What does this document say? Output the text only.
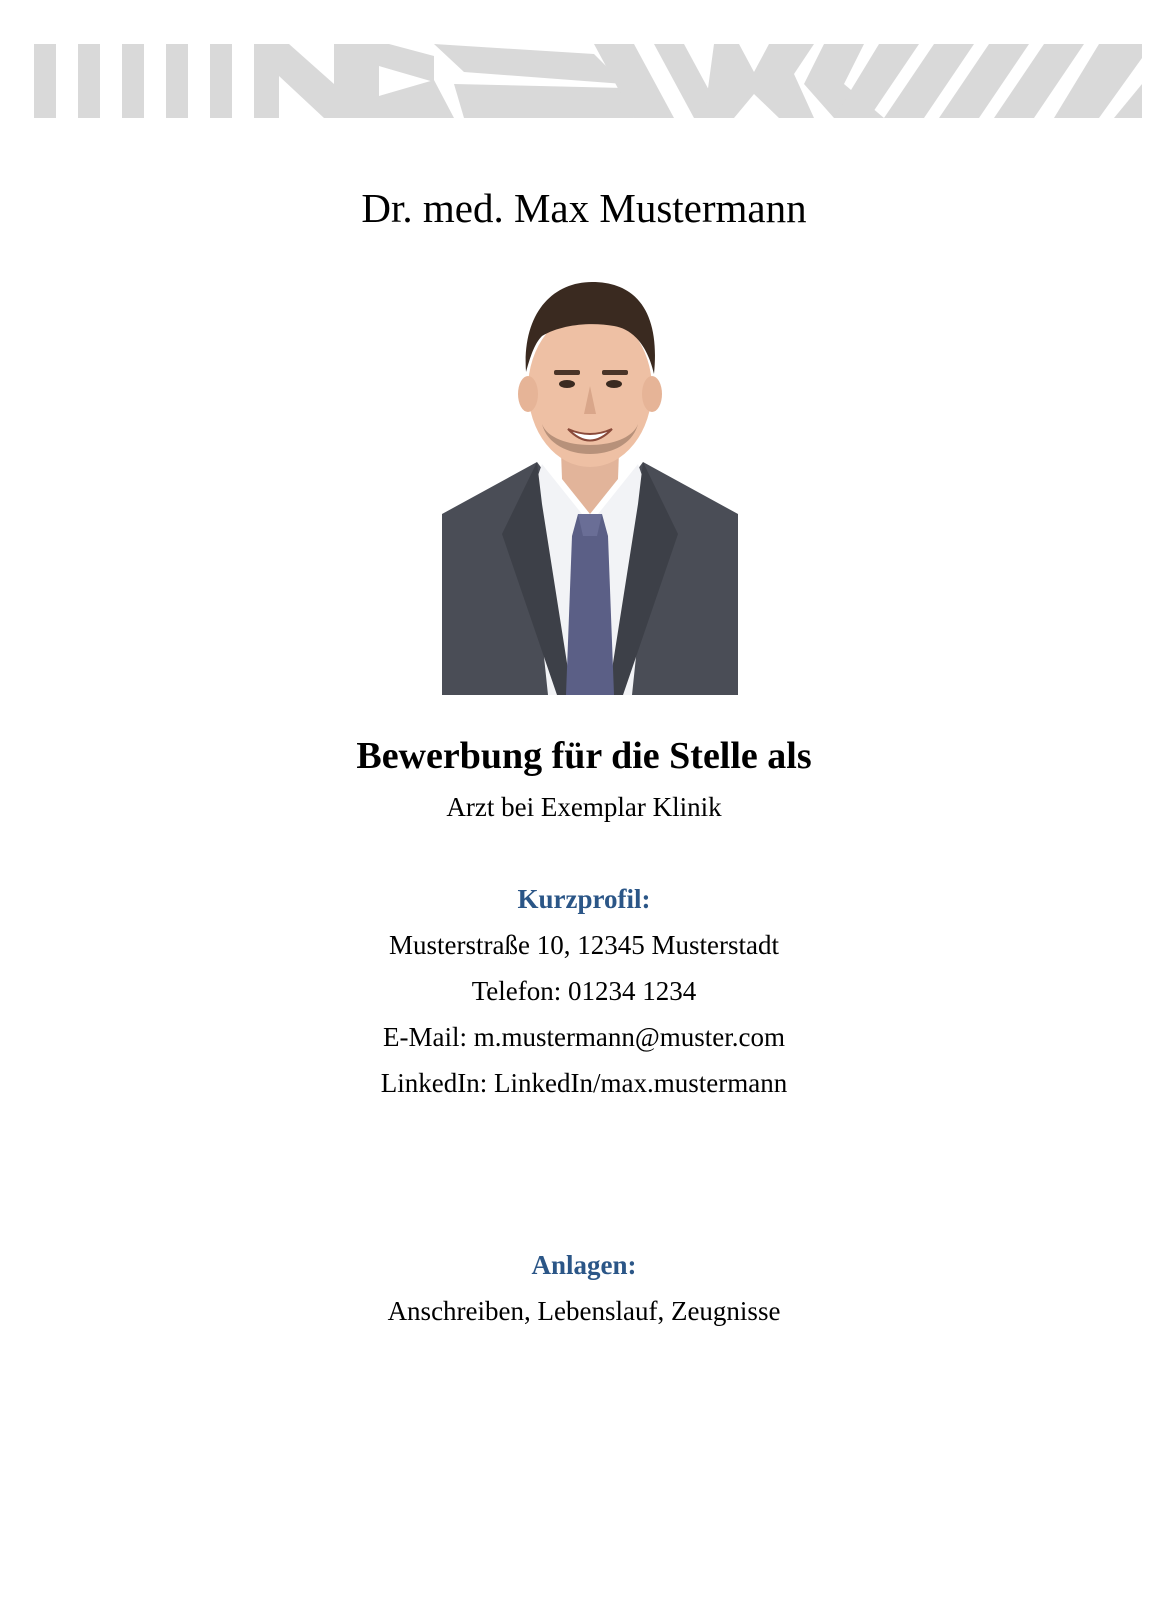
Dr. med. Max Mustermann
Bewerbung für die Stelle als
Arzt bei Exemplar Klinik
Kurzprofil:
Musterstraße 10, 12345 Musterstadt
Telefon: 01234 1234
E-Mail: m.mustermann@muster.com
LinkedIn: LinkedIn/max.mustermann
Anlagen:
Anschreiben, Lebenslauf, Zeugnisse
